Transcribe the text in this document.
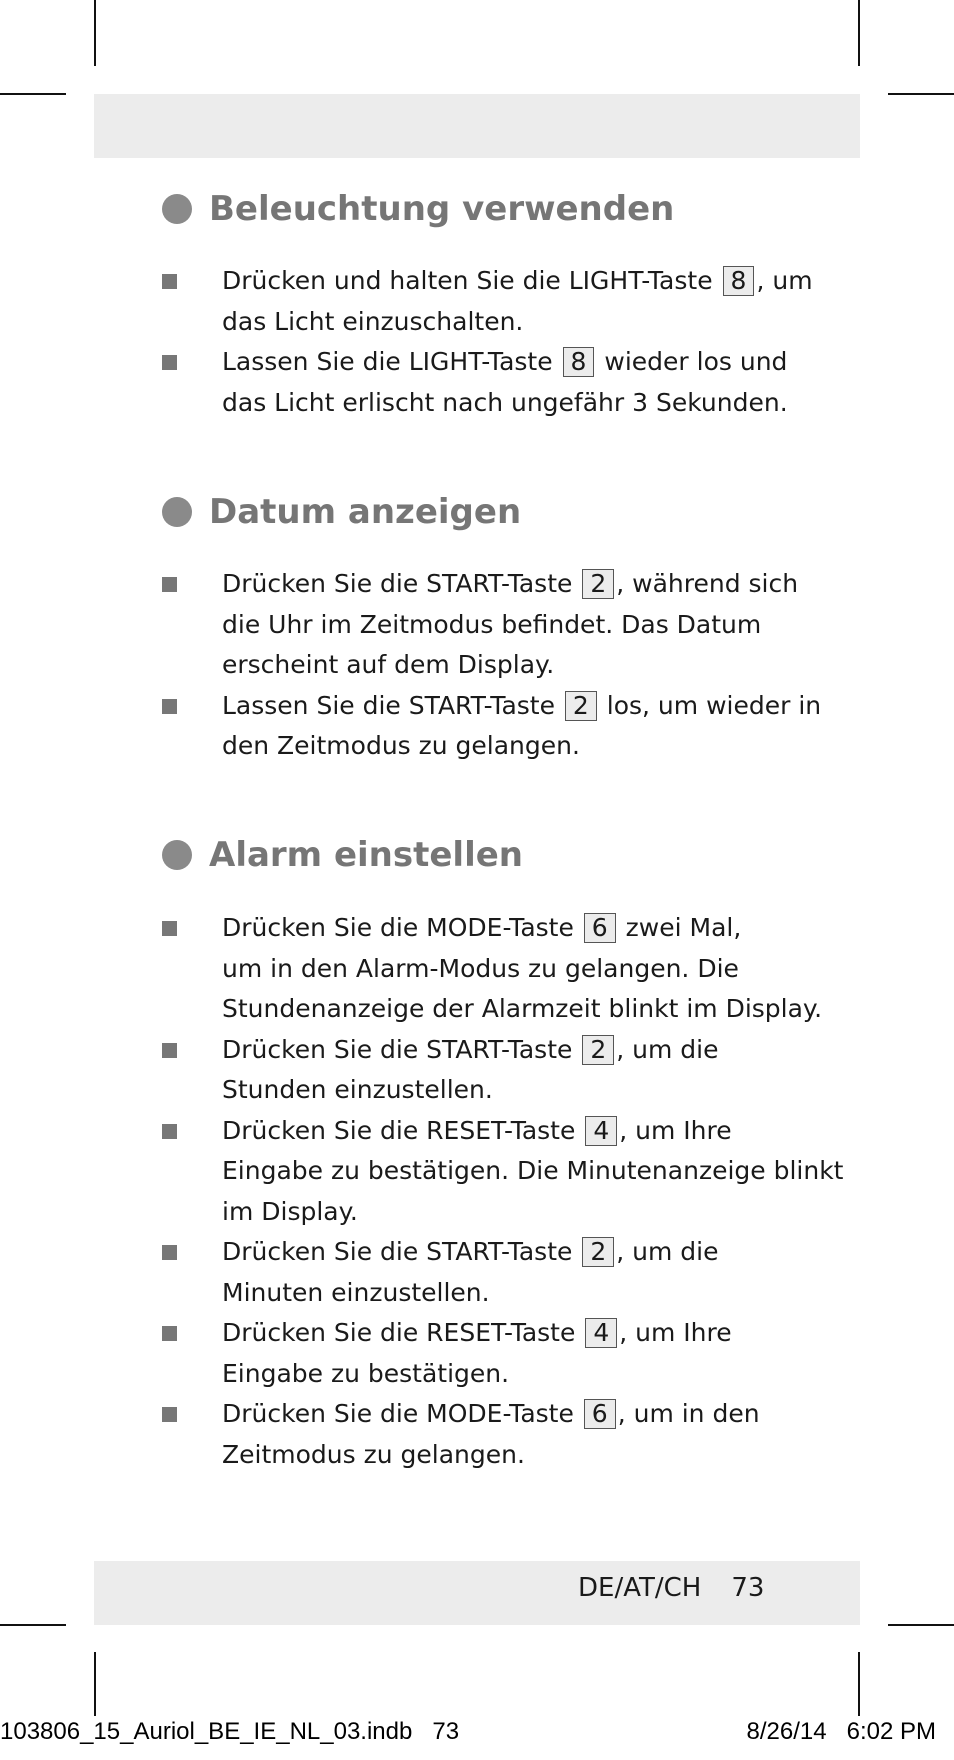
Beleuchtung verwenden
Drücken und halten Sie die LIGHT-Taste 8 , um
das Licht einzuschalten.
Lassen Sie die LIGHT-Taste 8 wieder los und
das Licht erlischt nach ungefähr 3 Sekunden.
Datum anzeigen
Drücken Sie die START-Taste 2 , während sich
die Uhr im Zeitmodus befindet. Das Datum
erscheint auf dem Display.
Lassen Sie die START-Taste 2 los, um wieder in
den Zeitmodus zu gelangen.
Alarm einstellen
Drücken Sie die MODE-Taste 6 zwei Mal,
um in den Alarm-Modus zu gelangen. Die
Stundenanzeige der Alarmzeit blinkt im Display.
Drücken Sie die START-Taste 2 , um die
Stunden einzustellen.
Drücken Sie die RESET-Taste 4 , um Ihre
Eingabe zu bestätigen. Die Minutenanzeige blinkt
im Display.
Drücken Sie die START-Taste 2 , um die
Minuten einzustellen.
Drücken Sie die RESET-Taste 4 , um Ihre
Eingabe zu bestätigen.
Drücken Sie die MODE-Taste 6 , um in den
Zeitmodus zu gelangen.
DE/AT/CH 73
103806_15_Auriol_BE_IE_NL_03.indb   73	8/26/14   6:02 PM
